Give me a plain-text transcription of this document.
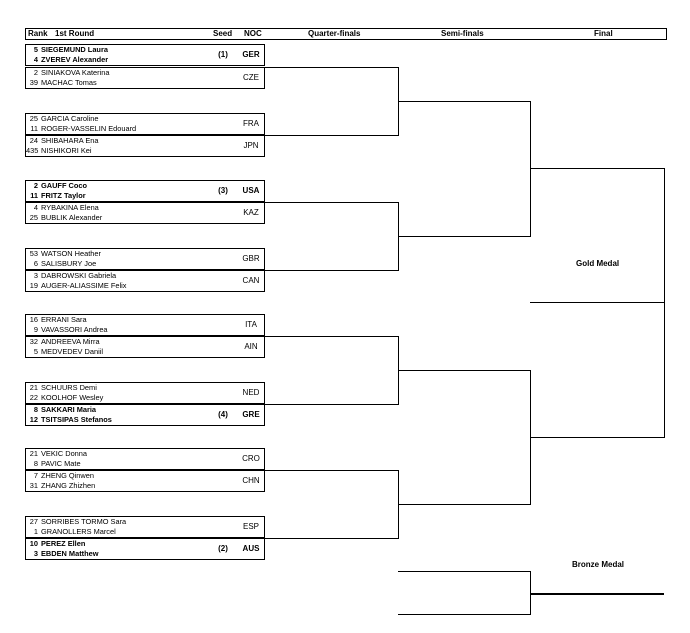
Rank 1st Round	Seed NOC	Quarter-finals	Semi-finals	Final
5 SIEGEMUND Laura
4 ZVEREV Alexander
(1)	GER
2 SINIAKOVA Katerina
39 MACHAC Tomas
CZE
25 GARCIA Caroline
11 ROGER-VASSELIN Edouard
FRA
24 SHIBAHARA Ena
435 NISHIKORI Kei
JPN
2 GAUFF Coco
11 FRITZ Taylor
(3)	USA
4 RYBAKINA Elena
25 BUBLIK Alexander
KAZ
53 WATSON Heather
6 SALISBURY Joe
GBR
3 DABROWSKI Gabriela
19 AUGER-ALIASSIME Felix
CAN
16 ERRANI Sara
9 VAVASSORI Andrea
ITA
32 ANDREEVA Mirra
5 MEDVEDEV Daniil
AIN
21 SCHUURS Demi
22 KOOLHOF Wesley
NED
8 SAKKARI Maria
12 TSITSIPAS Stefanos
(4)	GRE
21 VEKIC Donna
8 PAVIC Mate
CRO
7 ZHENG Qinwen
31 ZHANG Zhizhen
CHN
27 SORRIBES TORMO Sara
1 GRANOLLERS Marcel
ESP
10 PEREZ Ellen
3 EBDEN Matthew
(2)	AUS
Gold Medal
Bronze Medal
